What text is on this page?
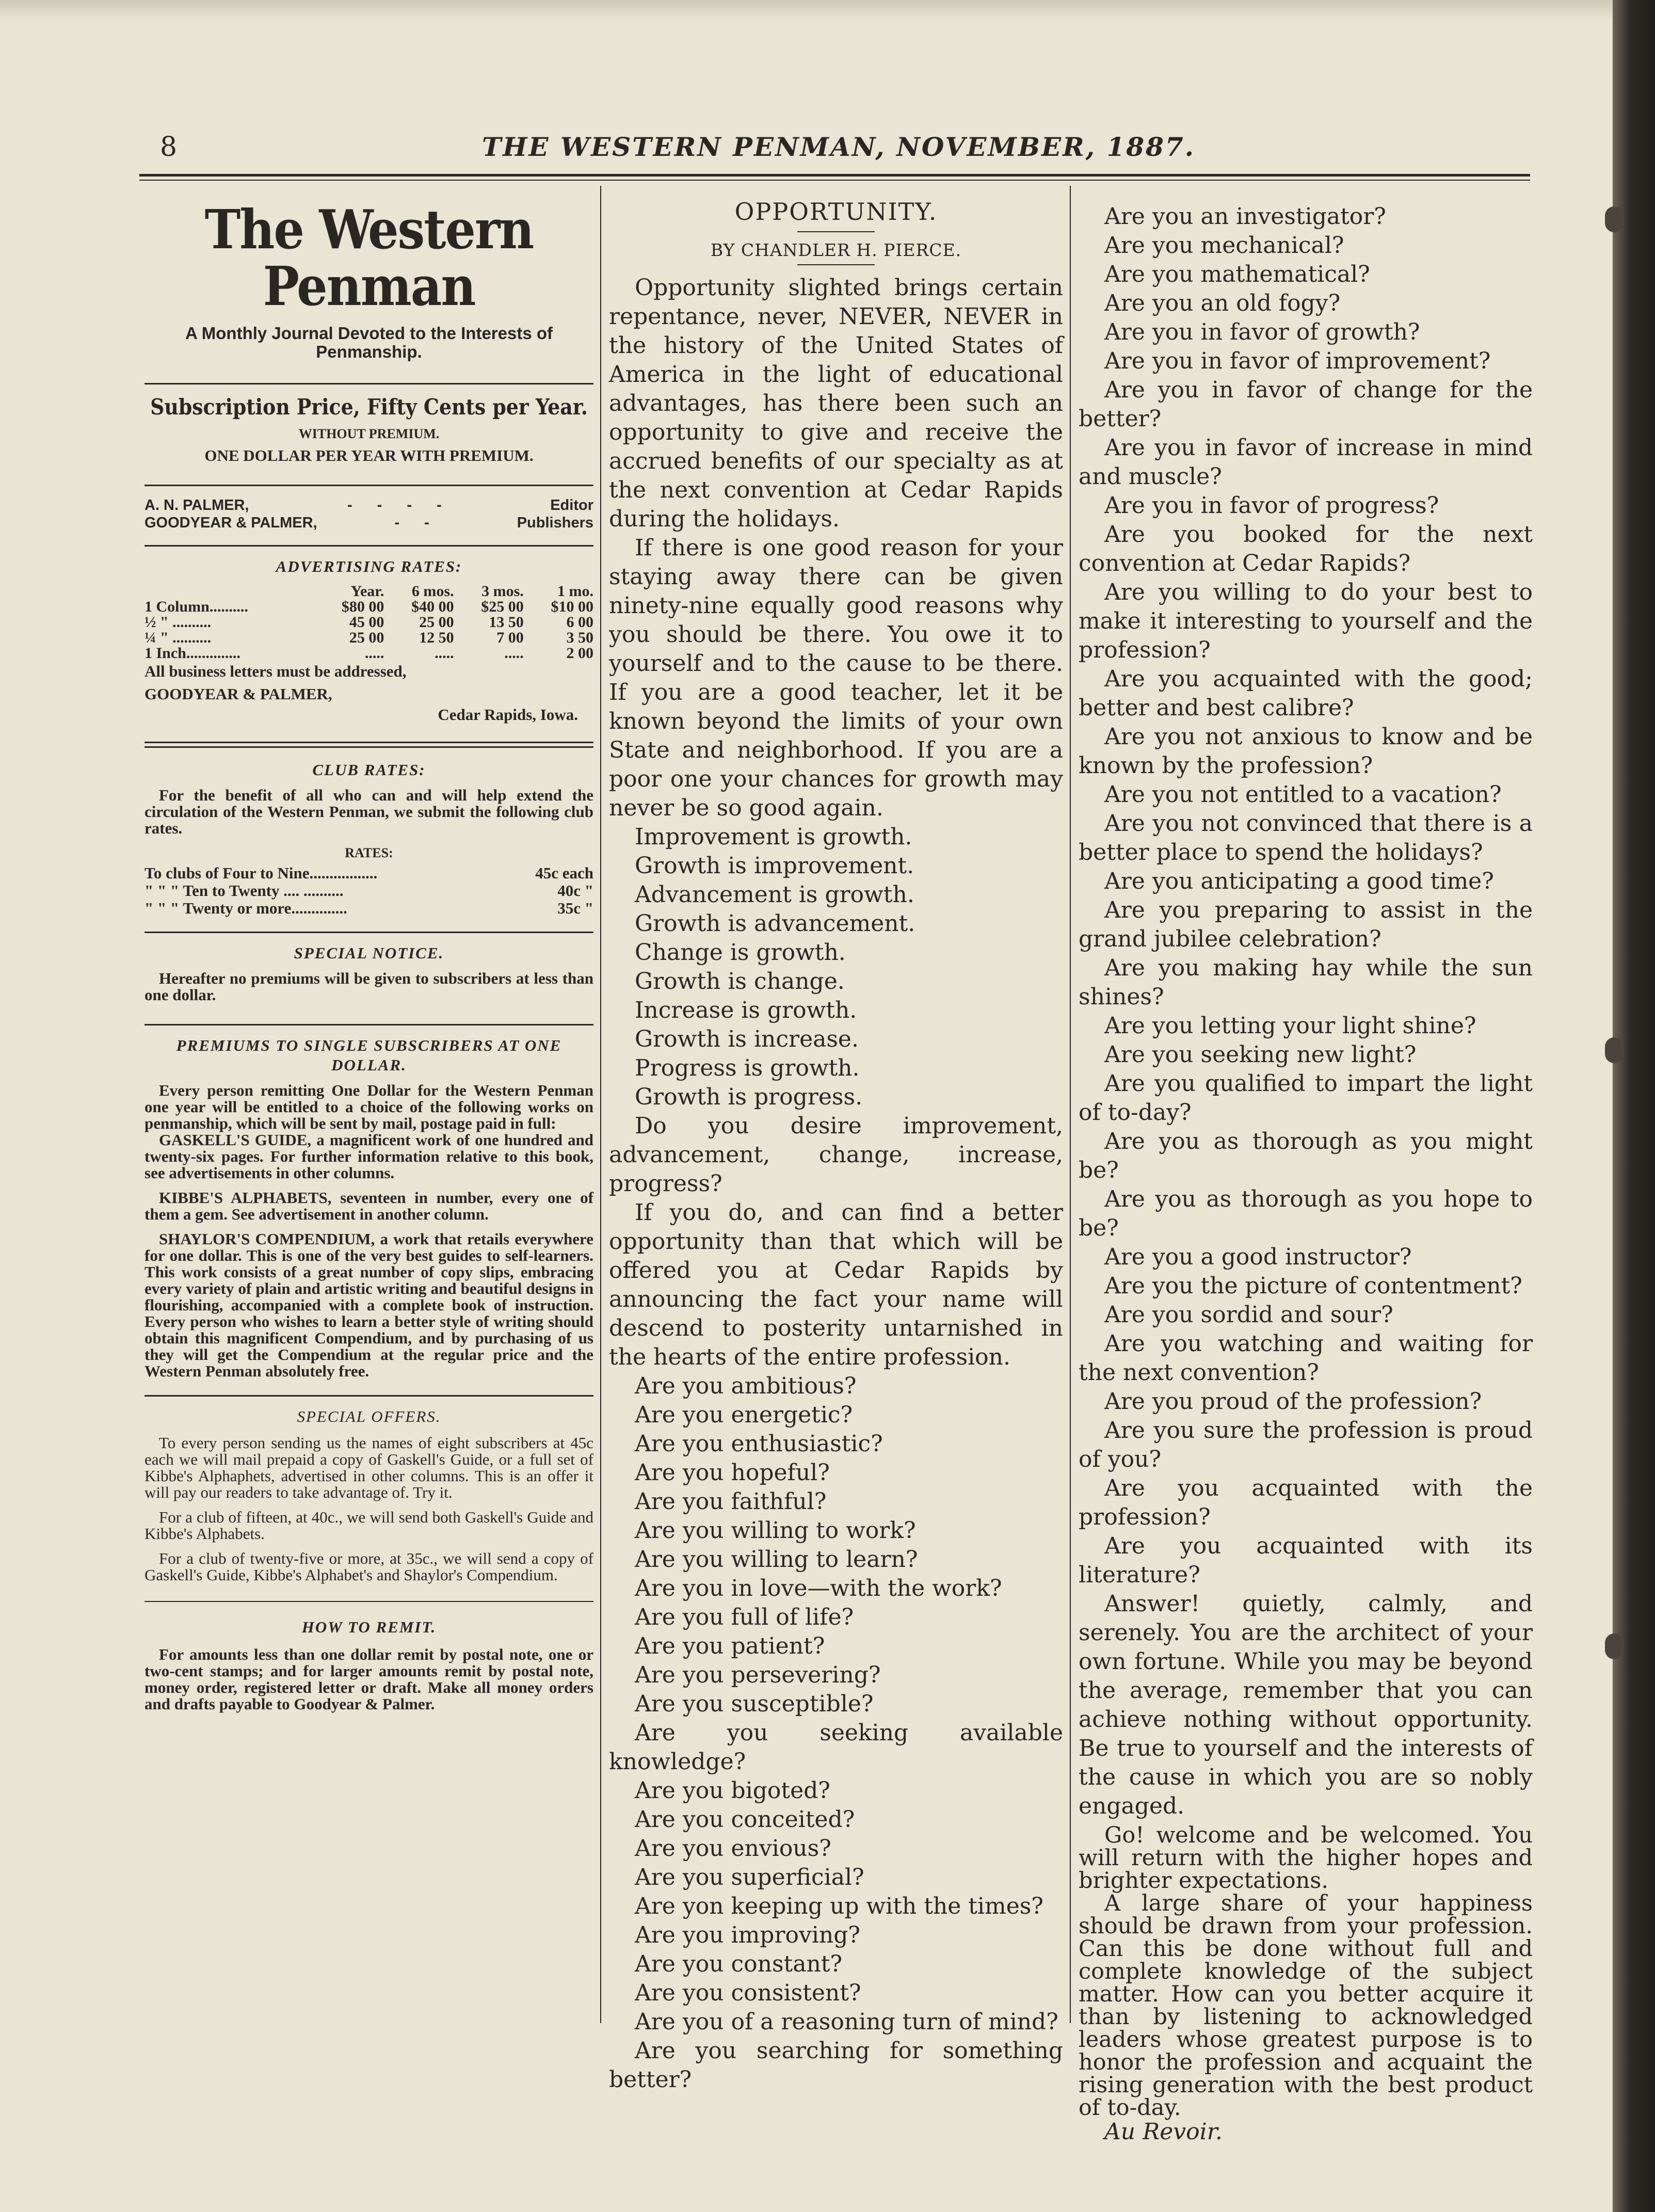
8	THE WESTERN PENMAN, NOVEMBER, 1887.
The Western Penman
A Monthly Journal Devoted to the Interests of Penmanship.
Subscription Price, Fifty Cents per Year.
WITHOUT PREMIUM.
ONE DOLLAR PER YEAR WITH PREMIUM.
A. N. PALMER,	- - - -	Editor
GOODYEAR & PALMER,	- -	Publishers
ADVERTISING RATES:
	Year.	6 mos.	3 mos.	1 mo.
1 Column..........	$80 00	$40 00	$25 00	$10 00
½ " ..........	45 00	25 00	13 50	6 00
¼ " ..........	25 00	12 50	7 00	3 50
1 Inch..............	.....	.....	.....	2 00
All business letters must be addressed,
GOODYEAR & PALMER,
Cedar Rapids, Iowa.
CLUB RATES:

For the benefit of all who can and will help extend the circulation of the Western Penman, we submit the following club rates.

RATES:
To clubs of Four to Nine.................	45c each
" " " Ten to Twenty .... ..........	40c "
" " " Twenty or more..............	35c "
SPECIAL NOTICE.

Hereafter no premiums will be given to subscribers at less than one dollar.

PREMIUMS TO SINGLE SUBSCRIBERS AT ONE DOLLAR.

Every person remitting One Dollar for the Western Penman one year will be entitled to a choice of the following works on penmanship, which will be sent by mail, postage paid in full:

GASKELL'S GUIDE, a magnificent work of one hundred and twenty-six pages. For further information relative to this book, see advertisements in other columns.

KIBBE'S ALPHABETS, seventeen in number, every one of them a gem. See advertisement in another column.

SHAYLOR'S COMPENDIUM, a work that retails everywhere for one dollar. This is one of the very best guides to self-learners. This work consists of a great number of copy slips, embracing every variety of plain and artistic writing and beautiful designs in flourishing, accompanied with a complete book of instruction. Every person who wishes to learn a better style of writing should obtain this magnificent Compendium, and by purchasing of us they will get the Compendium at the regular price and the Western Penman absolutely free.

SPECIAL OFFERS.

To every person sending us the names of eight subscribers at 45c each we will mail prepaid a copy of Gaskell's Guide, or a full set of Kibbe's Alphaphets, advertised in other columns. This is an offer it will pay our readers to take advantage of. Try it.

For a club of fifteen, at 40c., we will send both Gaskell's Guide and Kibbe's Alphabets.

For a club of twenty-five or more, at 35c., we will send a copy of Gaskell's Guide, Kibbe's Alphabet's and Shaylor's Compendium.

HOW TO REMIT.

For amounts less than one dollar remit by postal note, one or two-cent stamps; and for larger amounts remit by postal note, money order, registered letter or draft. Make all money orders and drafts payable to Goodyear & Palmer.

OPPORTUNITY.
BY CHANDLER H. PIERCE.

Opportunity slighted brings certain repentance, never, NEVER, NEVER in the history of the United States of America in the light of educational advantages, has there been such an opportunity to give and receive the accrued benefits of our specialty as at the next convention at Cedar Rapids during the holidays.

If there is one good reason for your staying away there can be given ninety-nine equally good reasons why you should be there. You owe it to yourself and to the cause to be there. If you are a good teacher, let it be known beyond the limits of your own State and neighborhood. If you are a poor one your chances for growth may never be so good again.

Improvement is growth.

Growth is improvement.

Advancement is growth.

Growth is advancement.

Change is growth.

Growth is change.

Increase is growth.

Growth is increase.

Progress is growth.

Growth is progress.

Do you desire improvement, advancement, change, increase, progress?

If you do, and can find a better opportunity than that which will be offered you at Cedar Rapids by announcing the fact your name will descend to posterity untarnished in the hearts of the entire profession.

Are you ambitious?

Are you energetic?

Are you enthusiastic?

Are you hopeful?

Are you faithful?

Are you willing to work?

Are you willing to learn?

Are you in love—with the work?

Are you full of life?

Are you patient?

Are you persevering?

Are you susceptible?

Are you seeking available knowledge?

Are you bigoted?

Are you conceited?

Are you envious?

Are you superficial?

Are yon keeping up with the times?

Are you improving?

Are you constant?

Are you consistent?

Are you of a reasoning turn of mind?

Are you searching for something better?

Are you an investigator?

Are you mechanical?

Are you mathematical?

Are you an old fogy?

Are you in favor of growth?

Are you in favor of improvement?

Are you in favor of change for the better?

Are you in favor of increase in mind and muscle?

Are you in favor of progress?

Are you booked for the next convention at Cedar Rapids?

Are you willing to do your best to make it interesting to yourself and the profession?

Are you acquainted with the good; better and best calibre?

Are you not anxious to know and be known by the profession?

Are you not entitled to a vacation?

Are you not convinced that there is a better place to spend the holidays?

Are you anticipating a good time?

Are you preparing to assist in the grand jubilee celebration?

Are you making hay while the sun shines?

Are you letting your light shine?

Are you seeking new light?

Are you qualified to impart the light of to-day?

Are you as thorough as you might be?

Are you as thorough as you hope to be?

Are you a good instructor?

Are you the picture of contentment?

Are you sordid and sour?

Are you watching and waiting for the next convention?

Are you proud of the profession?

Are you sure the profession is proud of you?

Are you acquainted with the profession?

Are you acquainted with its literature?

Answer! quietly, calmly, and serenely. You are the architect of your own fortune. While you may be beyond the average, remember that you can achieve nothing without opportunity. Be true to yourself and the interests of the cause in which you are so nobly engaged.

Go! welcome and be welcomed. You will return with the higher hopes and brighter expectations.

A large share of your happiness should be drawn from your profession. Can this be done without full and complete knowledge of the subject matter. How can you better acquire it than by listening to acknowledged leaders whose greatest purpose is to honor the profession and acquaint the rising generation with the best product of to-day.

Au Revoir.
